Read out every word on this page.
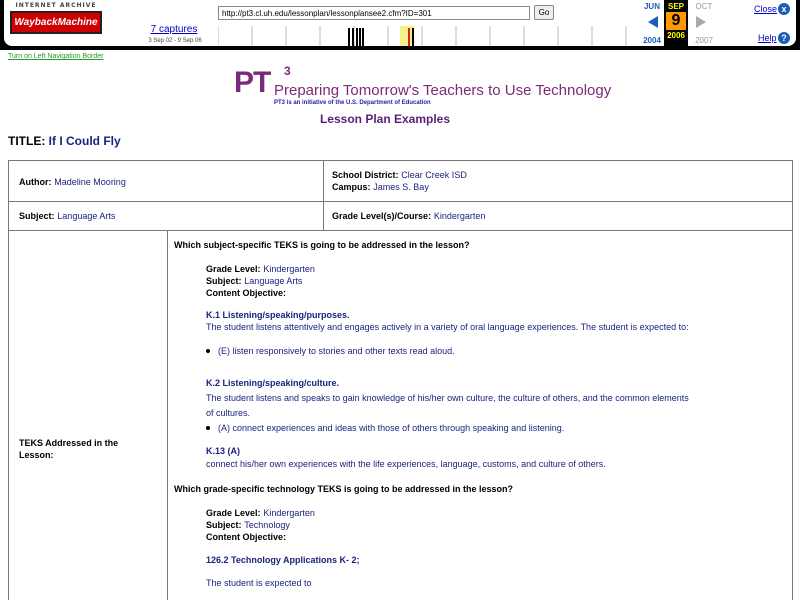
INTERNET ARCHIVE
WaybackMachine
7 captures
3 Sep 02 - 9 Sep 06
http://pt3.cl.uh.edu/lessonplan/lessonplansee2.cfm?ID=301
Go
JUN
2004
SEP
9
2006
OCT
2007
Close x
Help ?
Turn on Left Navigation Border
PT 3
Preparing Tomorrow's Teachers to Use Technology
PT3 is an initiative of the U.S. Department of Education
Lesson Plan Examples
TITLE: If I Could Fly
Author: Madeline Mooring
School District: Clear Creek ISD
Campus: James S. Bay
Subject: Language Arts	Grade Level(s)/Course: Kindergarten
TEKS Addressed in the Lesson:
Which subject-specific TEKS is going to be addressed in the lesson?
Grade Level: Kindergarten
Subject: Language Arts
Content Objective:
K.1 Listening/speaking/purposes.
The student listens attentively and engages actively in a variety of oral language experiences. The student is expected to:
(E) listen responsively to stories and other texts read aloud.
K.2 Listening/speaking/culture.
The student listens and speaks to gain knowledge of his/her own culture, the culture of others, and the common elements
of cultures.
(A) connect experiences and ideas with those of others through speaking and listening.
K.13 (A)
connect his/her own experiences with the life experiences, language, customs, and culture of others.
Which grade-specific technology TEKS is going to be addressed in the lesson?
Grade Level: Kindergarten
Subject: Technology
Content Objective:
126.2 Technology Applications K- 2;
The student is expected to
